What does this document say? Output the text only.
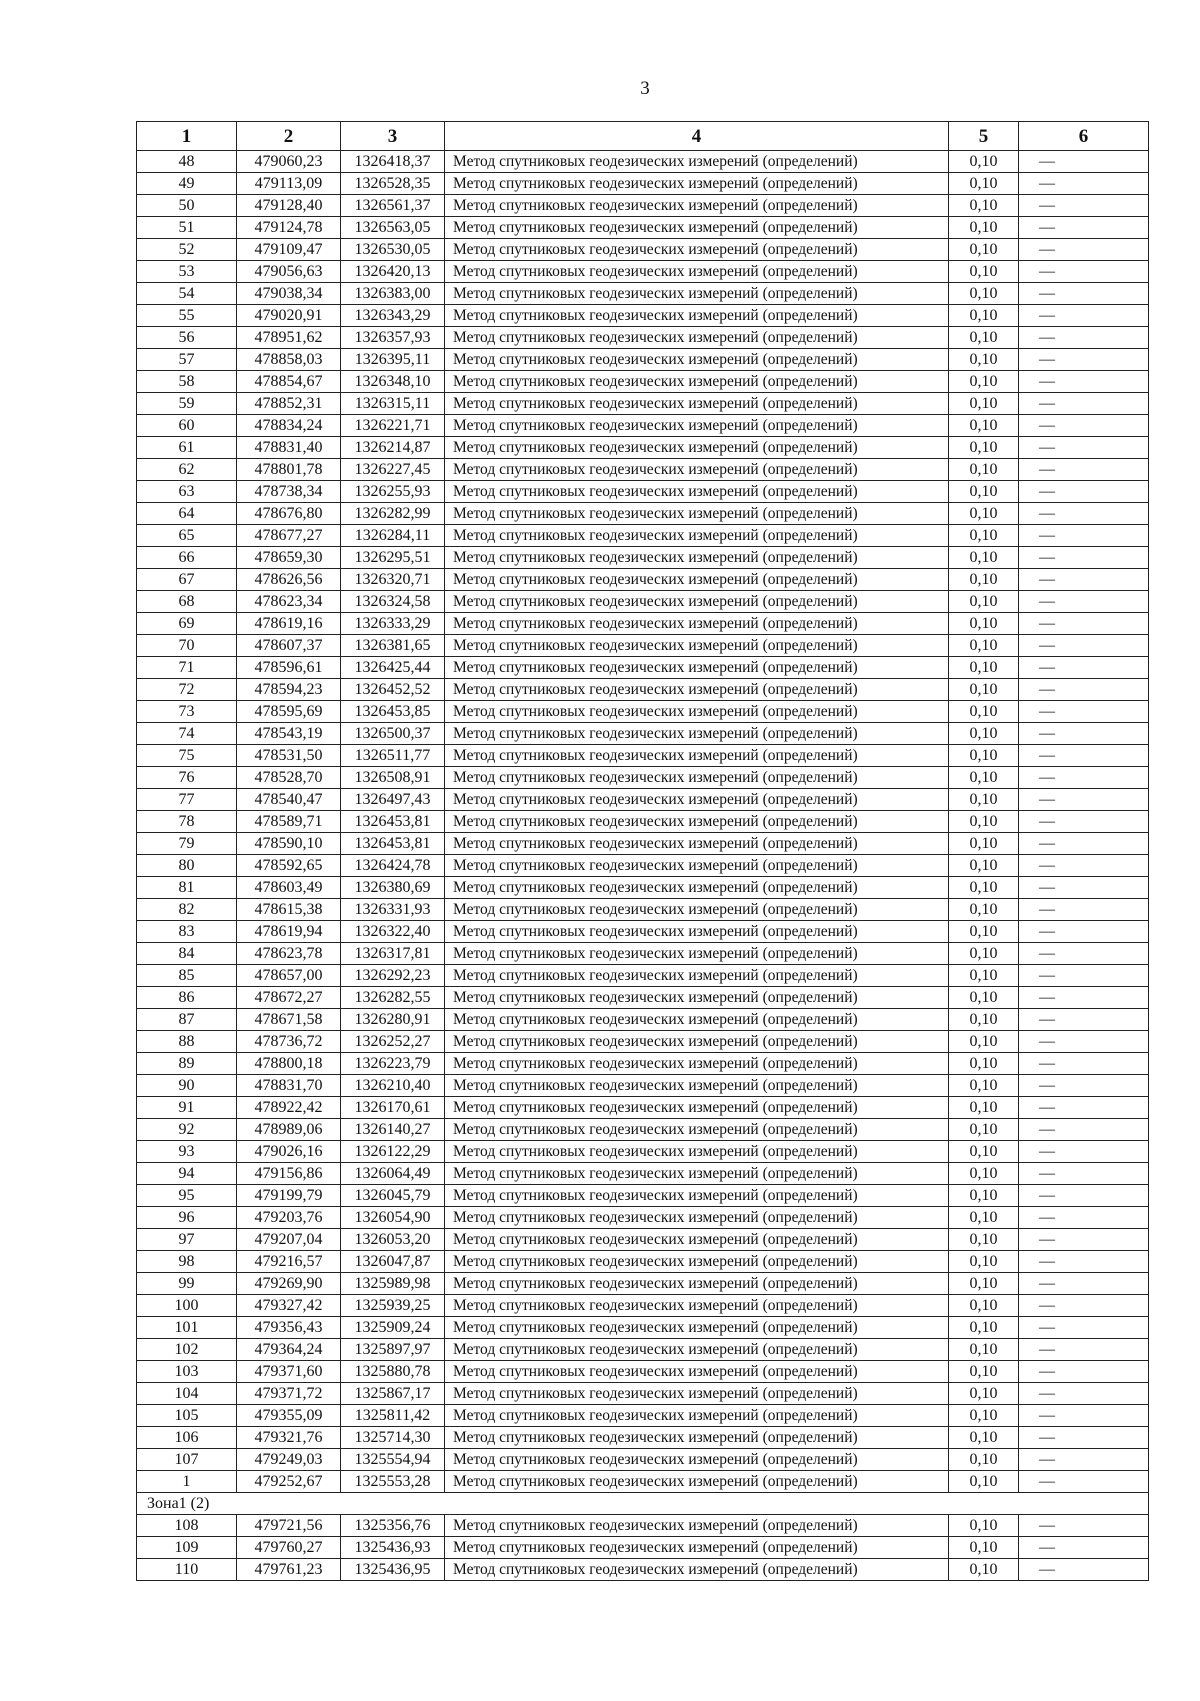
3
1	2	3	4	5	6
48	479060,23	1326418,37	Метод спутниковых геодезических измерений (определений)	0,10	—
49	479113,09	1326528,35	Метод спутниковых геодезических измерений (определений)	0,10	—
50	479128,40	1326561,37	Метод спутниковых геодезических измерений (определений)	0,10	—
51	479124,78	1326563,05	Метод спутниковых геодезических измерений (определений)	0,10	—
52	479109,47	1326530,05	Метод спутниковых геодезических измерений (определений)	0,10	—
53	479056,63	1326420,13	Метод спутниковых геодезических измерений (определений)	0,10	—
54	479038,34	1326383,00	Метод спутниковых геодезических измерений (определений)	0,10	—
55	479020,91	1326343,29	Метод спутниковых геодезических измерений (определений)	0,10	—
56	478951,62	1326357,93	Метод спутниковых геодезических измерений (определений)	0,10	—
57	478858,03	1326395,11	Метод спутниковых геодезических измерений (определений)	0,10	—
58	478854,67	1326348,10	Метод спутниковых геодезических измерений (определений)	0,10	—
59	478852,31	1326315,11	Метод спутниковых геодезических измерений (определений)	0,10	—
60	478834,24	1326221,71	Метод спутниковых геодезических измерений (определений)	0,10	—
61	478831,40	1326214,87	Метод спутниковых геодезических измерений (определений)	0,10	—
62	478801,78	1326227,45	Метод спутниковых геодезических измерений (определений)	0,10	—
63	478738,34	1326255,93	Метод спутниковых геодезических измерений (определений)	0,10	—
64	478676,80	1326282,99	Метод спутниковых геодезических измерений (определений)	0,10	—
65	478677,27	1326284,11	Метод спутниковых геодезических измерений (определений)	0,10	—
66	478659,30	1326295,51	Метод спутниковых геодезических измерений (определений)	0,10	—
67	478626,56	1326320,71	Метод спутниковых геодезических измерений (определений)	0,10	—
68	478623,34	1326324,58	Метод спутниковых геодезических измерений (определений)	0,10	—
69	478619,16	1326333,29	Метод спутниковых геодезических измерений (определений)	0,10	—
70	478607,37	1326381,65	Метод спутниковых геодезических измерений (определений)	0,10	—
71	478596,61	1326425,44	Метод спутниковых геодезических измерений (определений)	0,10	—
72	478594,23	1326452,52	Метод спутниковых геодезических измерений (определений)	0,10	—
73	478595,69	1326453,85	Метод спутниковых геодезических измерений (определений)	0,10	—
74	478543,19	1326500,37	Метод спутниковых геодезических измерений (определений)	0,10	—
75	478531,50	1326511,77	Метод спутниковых геодезических измерений (определений)	0,10	—
76	478528,70	1326508,91	Метод спутниковых геодезических измерений (определений)	0,10	—
77	478540,47	1326497,43	Метод спутниковых геодезических измерений (определений)	0,10	—
78	478589,71	1326453,81	Метод спутниковых геодезических измерений (определений)	0,10	—
79	478590,10	1326453,81	Метод спутниковых геодезических измерений (определений)	0,10	—
80	478592,65	1326424,78	Метод спутниковых геодезических измерений (определений)	0,10	—
81	478603,49	1326380,69	Метод спутниковых геодезических измерений (определений)	0,10	—
82	478615,38	1326331,93	Метод спутниковых геодезических измерений (определений)	0,10	—
83	478619,94	1326322,40	Метод спутниковых геодезических измерений (определений)	0,10	—
84	478623,78	1326317,81	Метод спутниковых геодезических измерений (определений)	0,10	—
85	478657,00	1326292,23	Метод спутниковых геодезических измерений (определений)	0,10	—
86	478672,27	1326282,55	Метод спутниковых геодезических измерений (определений)	0,10	—
87	478671,58	1326280,91	Метод спутниковых геодезических измерений (определений)	0,10	—
88	478736,72	1326252,27	Метод спутниковых геодезических измерений (определений)	0,10	—
89	478800,18	1326223,79	Метод спутниковых геодезических измерений (определений)	0,10	—
90	478831,70	1326210,40	Метод спутниковых геодезических измерений (определений)	0,10	—
91	478922,42	1326170,61	Метод спутниковых геодезических измерений (определений)	0,10	—
92	478989,06	1326140,27	Метод спутниковых геодезических измерений (определений)	0,10	—
93	479026,16	1326122,29	Метод спутниковых геодезических измерений (определений)	0,10	—
94	479156,86	1326064,49	Метод спутниковых геодезических измерений (определений)	0,10	—
95	479199,79	1326045,79	Метод спутниковых геодезических измерений (определений)	0,10	—
96	479203,76	1326054,90	Метод спутниковых геодезических измерений (определений)	0,10	—
97	479207,04	1326053,20	Метод спутниковых геодезических измерений (определений)	0,10	—
98	479216,57	1326047,87	Метод спутниковых геодезических измерений (определений)	0,10	—
99	479269,90	1325989,98	Метод спутниковых геодезических измерений (определений)	0,10	—
100	479327,42	1325939,25	Метод спутниковых геодезических измерений (определений)	0,10	—
101	479356,43	1325909,24	Метод спутниковых геодезических измерений (определений)	0,10	—
102	479364,24	1325897,97	Метод спутниковых геодезических измерений (определений)	0,10	—
103	479371,60	1325880,78	Метод спутниковых геодезических измерений (определений)	0,10	—
104	479371,72	1325867,17	Метод спутниковых геодезических измерений (определений)	0,10	—
105	479355,09	1325811,42	Метод спутниковых геодезических измерений (определений)	0,10	—
106	479321,76	1325714,30	Метод спутниковых геодезических измерений (определений)	0,10	—
107	479249,03	1325554,94	Метод спутниковых геодезических измерений (определений)	0,10	—
1	479252,67	1325553,28	Метод спутниковых геодезических измерений (определений)	0,10	—
Зона1 (2)					
108	479721,56	1325356,76	Метод спутниковых геодезических измерений (определений)	0,10	—
109	479760,27	1325436,93	Метод спутниковых геодезических измерений (определений)	0,10	—
110	479761,23	1325436,95	Метод спутниковых геодезических измерений (определений)	0,10	—
